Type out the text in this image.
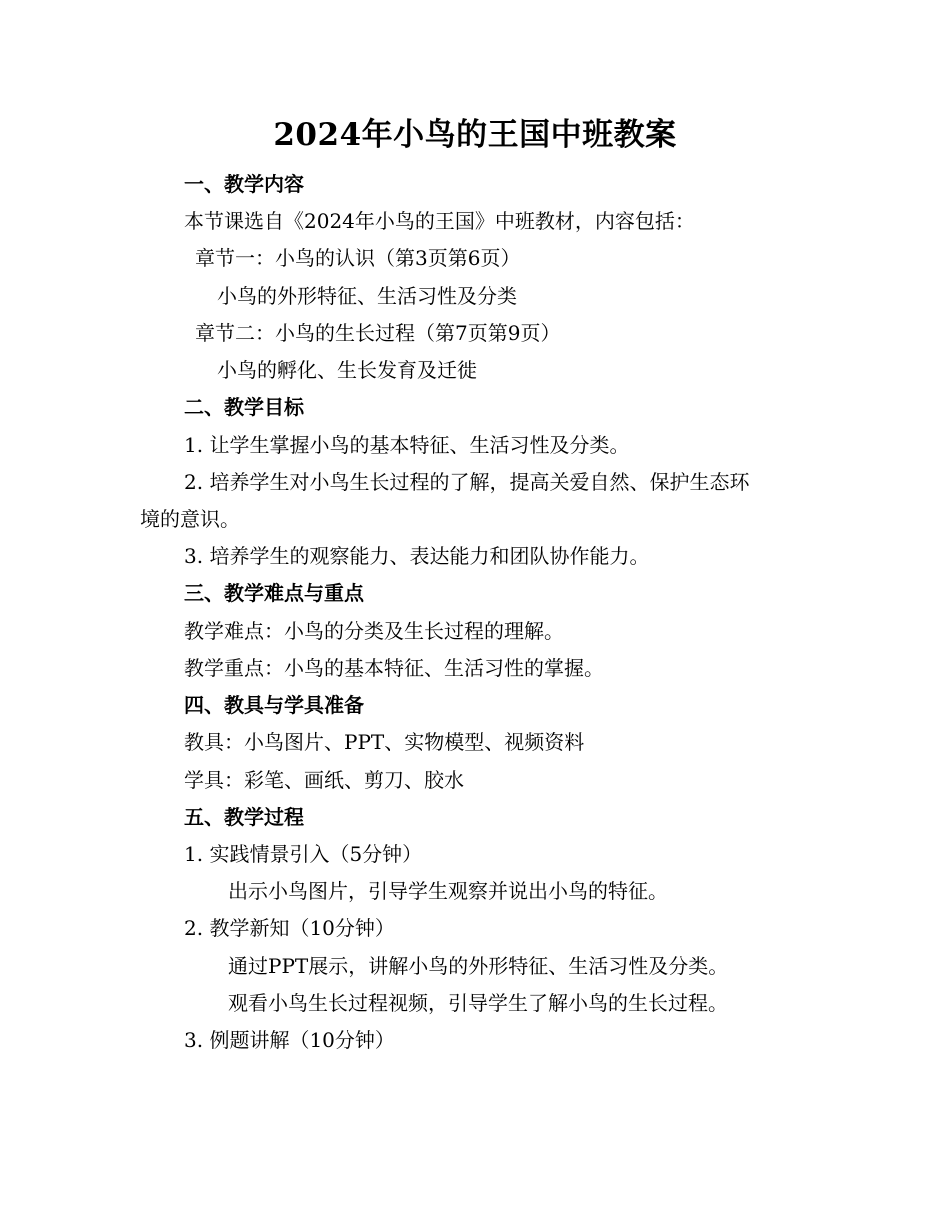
2024年小鸟的王国中班教案
一、教学内容
本节课选自《2024年小鸟的王国》中班教材，内容包括：
章节一：小鸟的认识（第3页第6页）
小鸟的外形特征、生活习性及分类
章节二：小鸟的生长过程（第7页第9页）
小鸟的孵化、生长发育及迁徙
二、教学目标
1. 让学生掌握小鸟的基本特征、生活习性及分类。
2. 培养学生对小鸟生长过程的了解，提高关爱自然、保护生态环
境的意识。
3. 培养学生的观察能力、表达能力和团队协作能力。
三、教学难点与重点
教学难点：小鸟的分类及生长过程的理解。
教学重点：小鸟的基本特征、生活习性的掌握。
四、教具与学具准备
教具：小鸟图片、PPT、实物模型、视频资料
学具：彩笔、画纸、剪刀、胶水
五、教学过程
1. 实践情景引入（5分钟）
出示小鸟图片，引导学生观察并说出小鸟的特征。
2. 教学新知（10分钟）
通过PPT展示，讲解小鸟的外形特征、生活习性及分类。
观看小鸟生长过程视频，引导学生了解小鸟的生长过程。
3. 例题讲解（10分钟）
